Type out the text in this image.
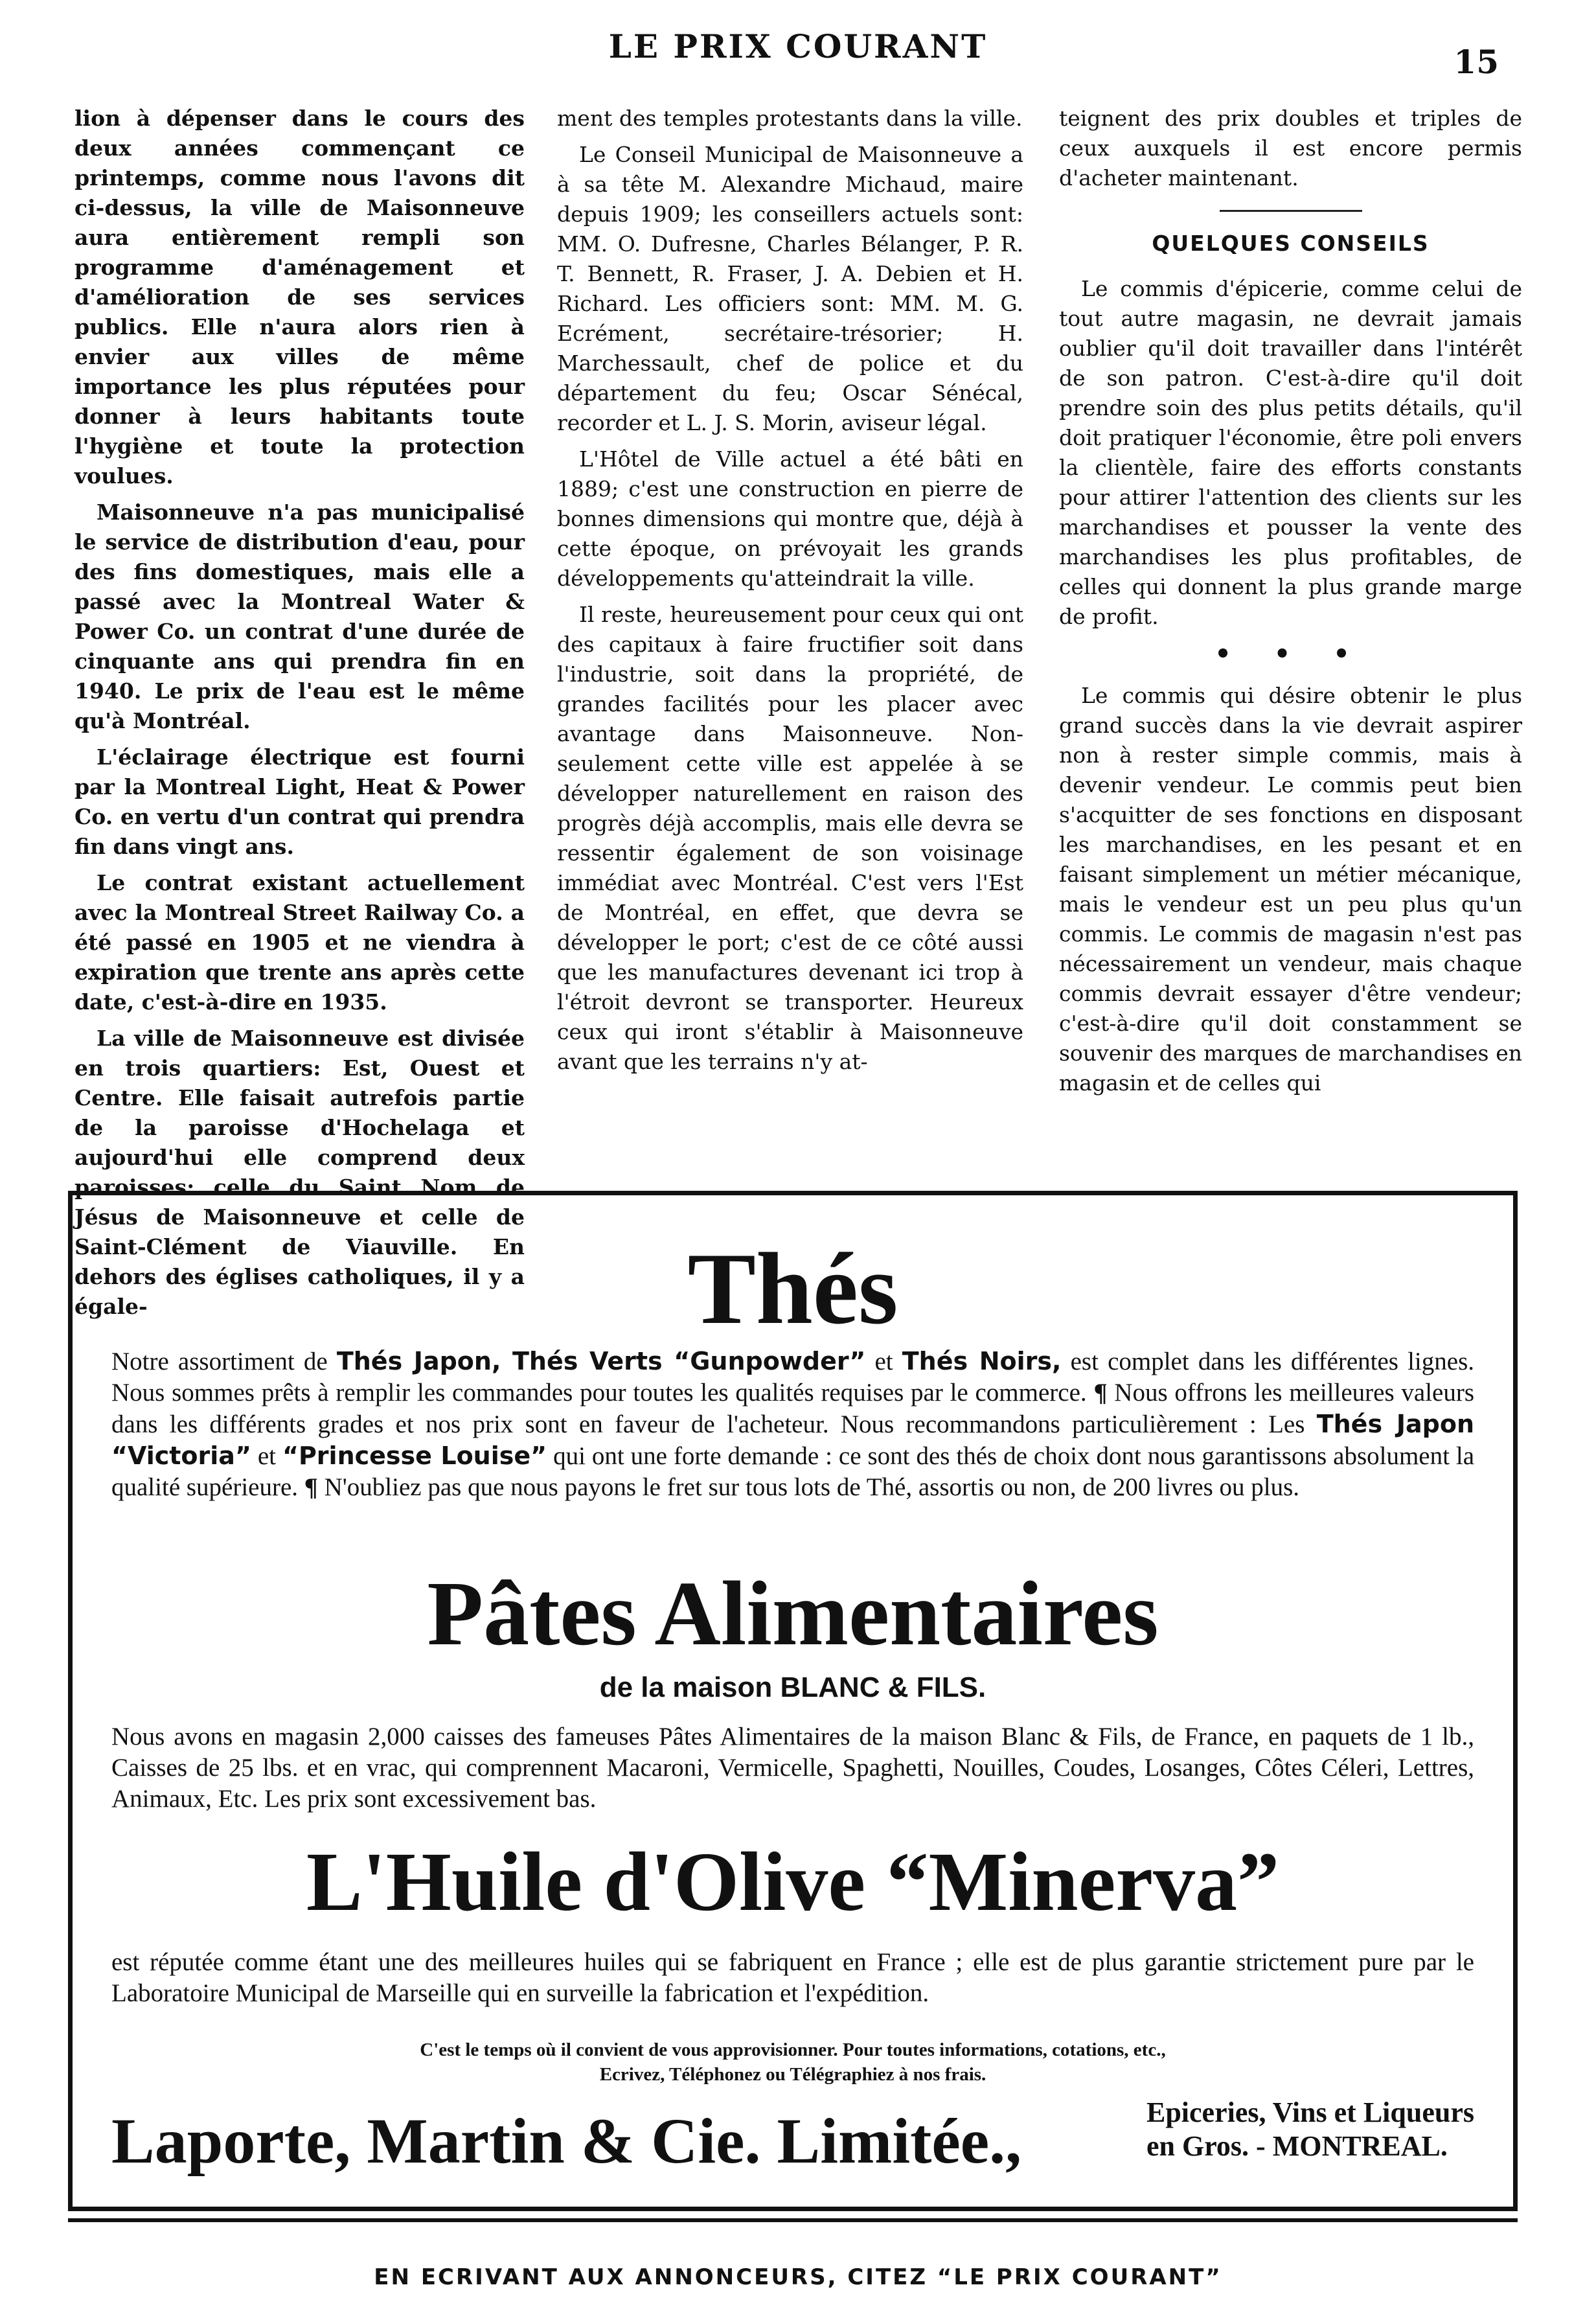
LE PRIX COURANT	15

lion à dépenser dans le cours des deux années commençant ce printemps, comme nous l'avons dit ci-dessus, la ville de Maisonneuve aura entièrement rempli son programme d'aménagement et d'amélioration de ses services publics. Elle n'aura alors rien à envier aux villes de même importance les plus réputées pour donner à leurs habitants toute l'hygiène et toute la protection voulues.

Maisonneuve n'a pas municipalisé le service de distribution d'eau, pour des fins domestiques, mais elle a passé avec la Montreal Water & Power Co. un contrat d'une durée de cinquante ans qui prendra fin en 1940. Le prix de l'eau est le même qu'à Montréal.

L'éclairage électrique est fourni par la Montreal Light, Heat & Power Co. en vertu d'un contrat qui prendra fin dans vingt ans.

Le contrat existant actuellement avec la Montreal Street Railway Co. a été passé en 1905 et ne viendra à expiration que trente ans après cette date, c'est-à-dire en 1935.

La ville de Maisonneuve est divisée en trois quartiers: Est, Ouest et Centre. Elle faisait autrefois partie de la paroisse d'Hochelaga et aujourd'hui elle comprend deux paroisses: celle du Saint Nom de Jésus de Maisonneuve et celle de Saint-Clément de Viauville. En dehors des églises catholiques, il y a égale-

ment des temples protestants dans la ville.

Le Conseil Municipal de Maisonneuve a à sa tête M. Alexandre Michaud, maire depuis 1909; les conseillers actuels sont: MM. O. Dufresne, Charles Bélanger, P. R. T. Bennett, R. Fraser, J. A. Debien et H. Richard. Les officiers sont: MM. M. G. Ecrément, secrétaire-trésorier; H. Marchessault, chef de police et du département du feu; Oscar Sénécal, recorder et L. J. S. Morin, aviseur légal.

L'Hôtel de Ville actuel a été bâti en 1889; c'est une construction en pierre de bonnes dimensions qui montre que, déjà à cette époque, on prévoyait les grands développements qu'atteindrait la ville.

Il reste, heureusement pour ceux qui ont des capitaux à faire fructifier soit dans l'industrie, soit dans la propriété, de grandes facilités pour les placer avec avantage dans Maisonneuve. Non-seulement cette ville est appelée à se développer naturellement en raison des progrès déjà accomplis, mais elle devra se ressentir également de son voisinage immédiat avec Montréal. C'est vers l'Est de Montréal, en effet, que devra se développer le port; c'est de ce côté aussi que les manufactures devenant ici trop à l'étroit devront se transporter. Heureux ceux qui iront s'établir à Maisonneuve avant que les terrains n'y at-

teignent des prix doubles et triples de ceux auxquels il est encore permis d'acheter maintenant.

QUELQUES CONSEILS

Le commis d'épicerie, comme celui de tout autre magasin, ne devrait jamais oublier qu'il doit travailler dans l'intérêt de son patron. C'est-à-dire qu'il doit prendre soin des plus petits détails, qu'il doit pratiquer l'économie, être poli envers la clientèle, faire des efforts constants pour attirer l'attention des clients sur les marchandises et pousser la vente des marchandises les plus profitables, de celles qui donnent la plus grande marge de profit.

• • •

Le commis qui désire obtenir le plus grand succès dans la vie devrait aspirer non à rester simple commis, mais à devenir vendeur. Le commis peut bien s'acquitter de ses fonctions en disposant les marchandises, en les pesant et en faisant simplement un métier mécanique, mais le vendeur est un peu plus qu'un commis. Le commis de magasin n'est pas nécessairement un vendeur, mais chaque commis devrait essayer d'être vendeur; c'est-à-dire qu'il doit constamment se souvenir des marques de marchandises en magasin et de celles qui

Thés
Notre assortiment de Thés Japon, Thés Verts “Gunpowder” et Thés Noirs, est complet dans les différentes lignes. Nous sommes prêts à remplir les commandes pour toutes les qualités requises par le commerce. ¶ Nous offrons les meilleures valeurs dans les différents grades et nos prix sont en faveur de l'acheteur. Nous recommandons particulièrement : Les Thés Japon “Victoria” et “Princesse Louise” qui ont une forte demande : ce sont des thés de choix dont nous garantissons absolument la qualité supérieure. ¶ N'oubliez pas que nous payons le fret sur tous lots de Thé, assortis ou non, de 200 livres ou plus.
Pâtes Alimentaires
de la maison BLANC & FILS.
Nous avons en magasin 2,000 caisses des fameuses Pâtes Alimentaires de la maison Blanc & Fils, de France, en paquets de 1 lb., Caisses de 25 lbs. et en vrac, qui comprennent Macaroni, Vermicelle, Spaghetti, Nouilles, Coudes, Losanges, Côtes Céleri, Lettres, Animaux, Etc. Les prix sont excessivement bas.
L'Huile d'Olive “Minerva”
est réputée comme étant une des meilleures huiles qui se fabriquent en France ; elle est de plus garantie strictement pure par le Laboratoire Municipal de Marseille qui en surveille la fabrication et l'expédition.
C'est le temps où il convient de vous approvisionner. Pour toutes informations, cotations, etc.,
Ecrivez, Téléphonez ou Télégraphiez à nos frais.
Laporte, Martin & Cie. Limitée.,	Epiceries, Vins et Liqueurs
en Gros. - MONTREAL.
EN ECRIVANT AUX ANNONCEURS, CITEZ “LE PRIX COURANT”
